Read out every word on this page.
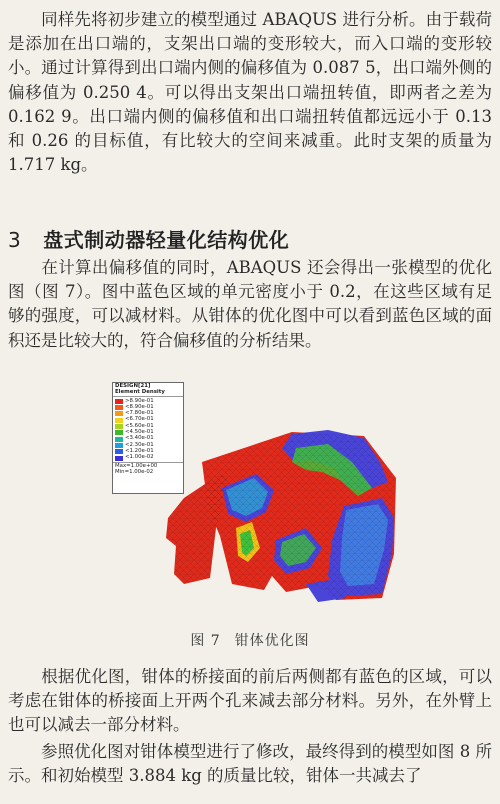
同样先将初步建立的模型通过 ABAQUS 进行分析。由于载荷是添加在出口端的，支架出口端的变形较大，而入口端的变形较小。通过计算得到出口端内侧的偏移值为 0.087 5，出口端外侧的偏移值为 0.250 4。可以得出支架出口端扭转值，即两者之差为 0.162 9。出口端内侧的偏移值和出口端扭转值都远远小于 0.13 和 0.26 的目标值，有比较大的空间来减重。此时支架的质量为 1.717 kg。

3 盘式制动器轻量化结构优化

在计算出偏移值的同时，ABAQUS 还会得出一张模型的优化图（图 7）。图中蓝色区域的单元密度小于 0.2，在这些区域有足够的强度，可以减材料。从钳体的优化图中可以看到蓝色区域的面积还是比较大的，符合偏移值的分析结果。

DESIGN[21]
Element Density
>8.90e-01
<8.90e-01
<7.80e-01
<6.70e-01
<5.60e-01
<4.50e-01
<3.40e-01
<2.30e-01
<1.20e-01
<1.00e-02
Max=1.00e+00
Min=1.00e-02
图 7 钳体优化图

根据优化图，钳体的桥接面的前后两侧都有蓝色的区域，可以考虑在钳体的桥接面上开两个孔来减去部分材料。另外，在外臂上也可以减去一部分材料。

参照优化图对钳体模型进行了修改，最终得到的模型如图 8 所示。和初始模型 3.884 kg 的质量比较，钳体一共减去了
